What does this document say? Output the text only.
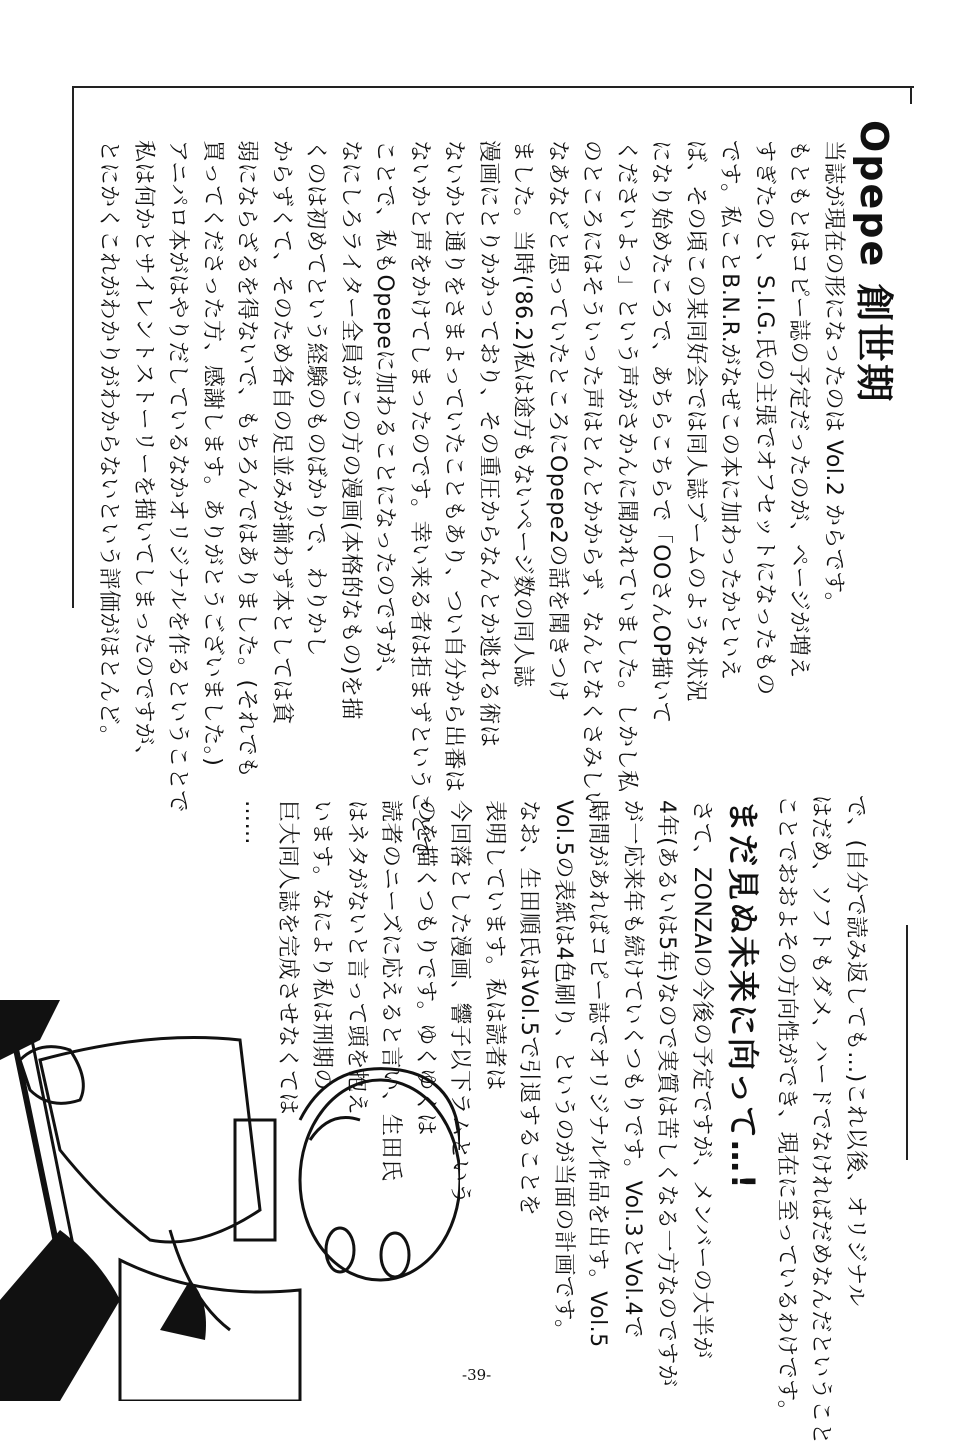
Opepe 創世期

当誌が現在の形になったのは Vol.2 からです。

もともとはコピー誌の予定だったのが、ページが増え

すぎたのと、S.I.G.氏の主張でオフセットになったもの

です。私ことB.N.R.がなぜこの本に加わったかといえ

ば、その頃この某同好会では同人誌ブームのような状況

になり始めたころで、あちらこちらで「OOさんOP描いて

くださいよっ」という声がさかんに聞かれていました。しかし私

のところにはそういった声はとんとかからず、なんとなくさみしい

なあなどと思っていたところにOpepe2の話を聞きつけ

ました。当時('86.2)私は途方もないページ数の同人誌

漫画にとりかかっており、その重圧からなんとか逃れる術は

ないかと通りをさまよっていたこともあり、つい自分から出番は

ないかと声をかけてしまったのです。幸い来る者は拒まずということで

ことで、私もOpepeに加わることになったのですが、

なにしろライター全員がこの方の漫画(本格的なもの)を描

くのは初めてという経験のものばかりで、わりかし

からずくて、そのため各自の足並みが揃わず本としては貧

弱にならざるを得ないで、もちろんではありました。(それでも

買ってくださった方、感謝します。ありがとうございました。)

アニパロ本がはやりだしているなかオリジナルを作るということで

私は何かとサイレントストーリーを描いてしまったのですが、

とにかくこれがわかりがわからないという評価がほとんど。

で、(自分で読み返しても…)これ以後、オリジナル

はだめ、ソフトもダメ、ハードでなければだめなんだということ

ことでおおよその方向性ができ、現在に至っているわけです。

まだ見ぬ未来に向って…!

さて、ZONZAIの今後の予定ですが、メンバーの大半が

4年(あるいは5年)なので実質は苦しくなる一方なのですが

が一応来年も続けていくつもりです。Vol.3とVol.4で

時間があればコピー誌でオリジナル作品を出す。Vol.5

Vol.5の表紙は4色刷り、というのが当面の計画です。

なお、生田順氏はVol.5で引退することを

表明しています。私は読者は

今回落とした漫画、響子以下ラムという

のを描くつもりです。ゆくゆくは

読者のニーズに応えると言い、生田氏

はネタがないと言って頭を抱え

います。なにより私は刑期の

巨大同人誌を完成させなくては

……

-39-
